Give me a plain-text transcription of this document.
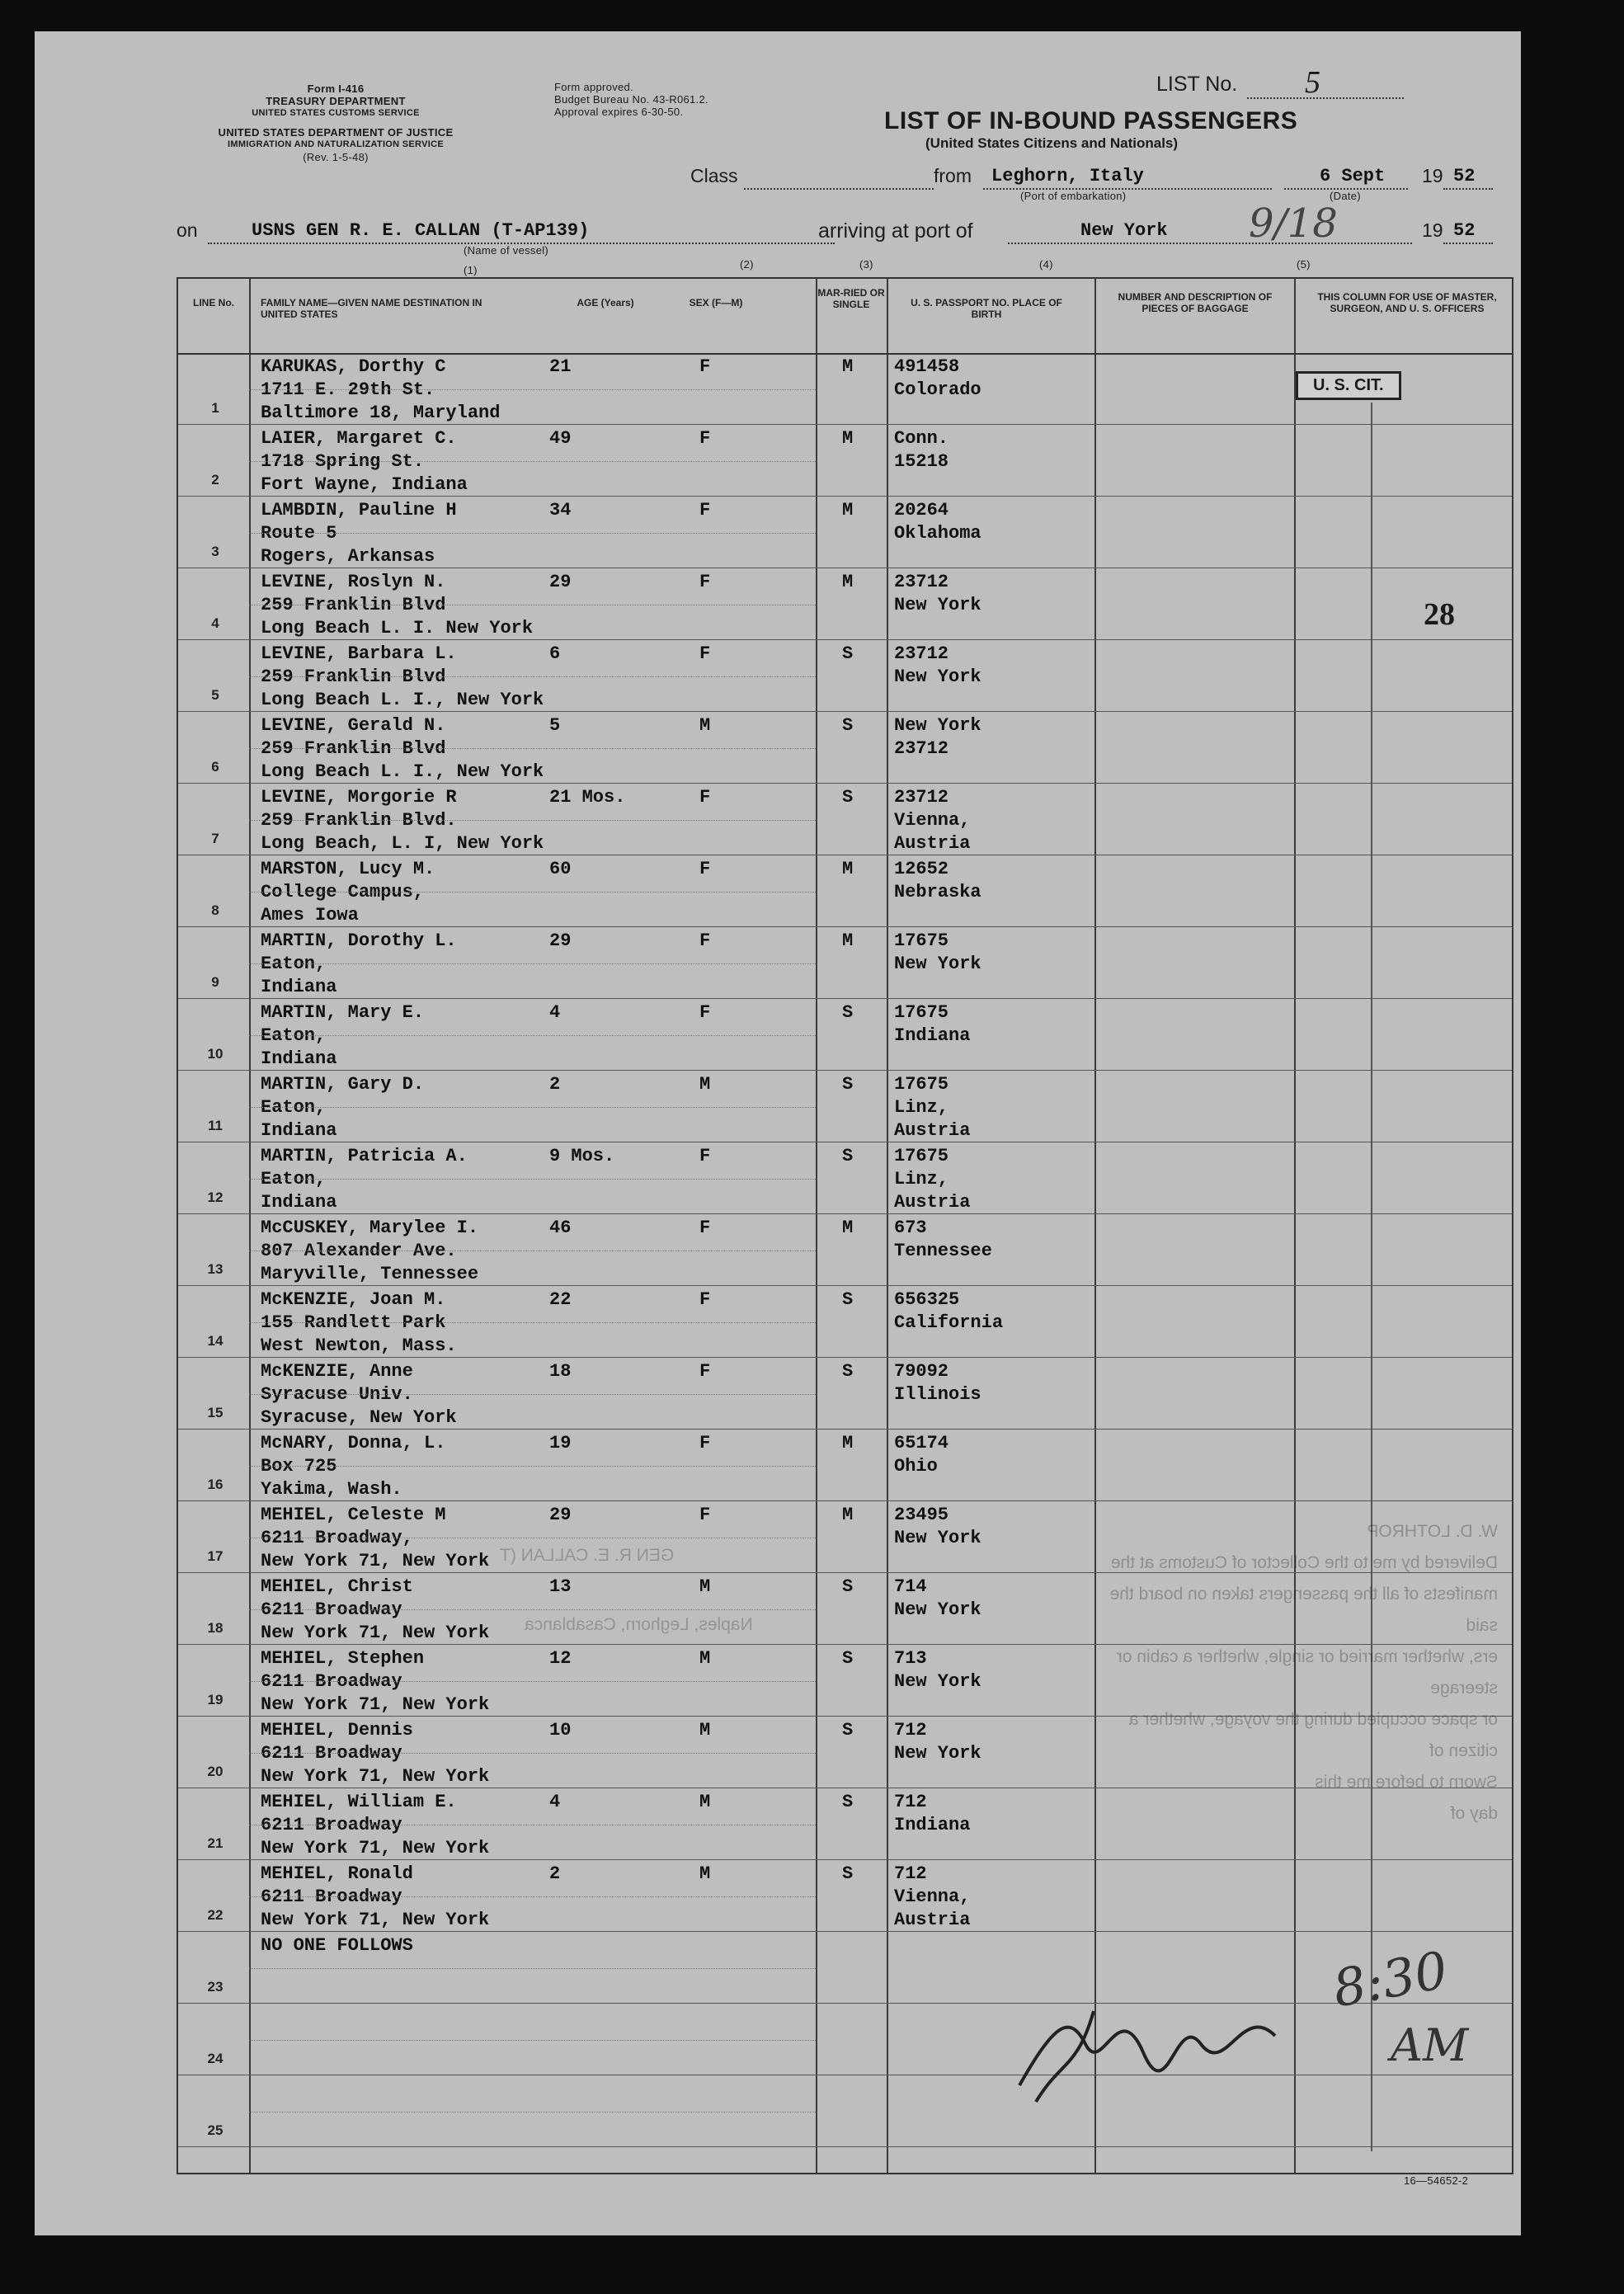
Form I-416
TREASURY DEPARTMENT
UNITED STATES CUSTOMS SERVICE
UNITED STATES DEPARTMENT OF JUSTICE
IMMIGRATION AND NATURALIZATION SERVICE
(Rev. 1-5-48)
Form approved.
Budget Bureau No. 43-R061.2.
Approval expires 6-30-50.	LIST OF IN-BOUND PASSENGERS
(United States Citizens and Nationals)
LIST No. 5
Class	from Leghorn, Italy
(Port of embarkation)
6 Sept
(Date)
19 52
on	USNS GEN R. E. CALLAN (T-AP139)
(Name of vessel)
arriving at port of	New York 9/18	19 52
(1)	(2)	(3)	(4)	(5)
LINE No.	FAMILY NAME—GIVEN NAME DESTINATION IN UNITED STATES
AGE (Years)	SEX (F—M)
MAR-RIED OR SINGLE	U. S. PASSPORT NO. PLACE OF BIRTH
NUMBER AND DESCRIPTION OF PIECES OF BAGGAGE
THIS COLUMN FOR USE OF MASTER, SURGEON, AND U. S. OFFICERS
1
KARUKAS, Dorthy C
1711 E. 29th St.
Baltimore 18, Maryland
21	F	M 491458
Colorado
2
LAIER, Margaret C.
1718 Spring St.
Fort Wayne, Indiana
49	F	M Conn.
15218
3
LAMBDIN, Pauline H
Route 5
Rogers, Arkansas
34	F	M 20264
Oklahoma
4
LEVINE, Roslyn N.
259 Franklin Blvd
Long Beach L. I. New York
29	F	M 23712
New York
5
LEVINE, Barbara L.
259 Franklin Blvd
Long Beach L. I., New York
6	F	S 23712
New York
6
LEVINE, Gerald N.
259 Franklin Blvd
Long Beach L. I., New York
5	M	S New York
23712
7
LEVINE, Morgorie R
259 Franklin Blvd.
Long Beach, L. I, New York
21 Mos.	F	S 23712
Vienna,
Austria
8
MARSTON, Lucy M.
College Campus,
Ames Iowa
60	F	M 12652
Nebraska
9
MARTIN, Dorothy L.
Eaton,
Indiana
29	F	M 17675
New York
10
MARTIN, Mary E.
Eaton,
Indiana
4	F	S 17675
Indiana
11
MARTIN, Gary D.
Eaton,
Indiana
2	M	S 17675
Linz,
Austria
12
MARTIN, Patricia A.
Eaton,
Indiana
9 Mos.	F	S 17675
Linz,
Austria
13
McCUSKEY, Marylee I.
807 Alexander Ave.
Maryville, Tennessee
46	F	M 673
Tennessee
14
McKENZIE, Joan M.
155 Randlett Park
West Newton, Mass.
22	F	S 656325
California
15
McKENZIE, Anne
Syracuse Univ.
Syracuse, New York
18	F	S 79092
Illinois
16
McNARY, Donna, L.
Box 725
Yakima, Wash.
19	F	M 65174
Ohio
17
MEHIEL, Celeste M
6211 Broadway,
New York 71, New York
29	F	M 23495
New York
18
MEHIEL, Christ
6211 Broadway
New York 71, New York
13	M	S 714
New York
19
MEHIEL, Stephen
6211 Broadway
New York 71, New York
12	M	S 713
New York
20
MEHIEL, Dennis
6211 Broadway
New York 71, New York
10	M	S 712
New York
21
MEHIEL, William E.
6211 Broadway
New York 71, New York
4	M	S 712
Indiana
22
MEHIEL, Ronald
6211 Broadway
New York 71, New York
2	M	S 712
Vienna,
Austria
23
NO ONE FOLLOWS
24
25
U. S. CIT.
28
W. D. LOTHROP
Delivered by me to the Collector of Customs at the
manifests of all the passengers taken on board the said
ers, whether married or single, whether a cabin or steerage
or space occupied during the voyage, whether a citizen of
Sworn to before me this
day of
GEN R. E. CALLAN (T
Naples, Leghorn, Casablanca
8:30
AM
16—54652-2
